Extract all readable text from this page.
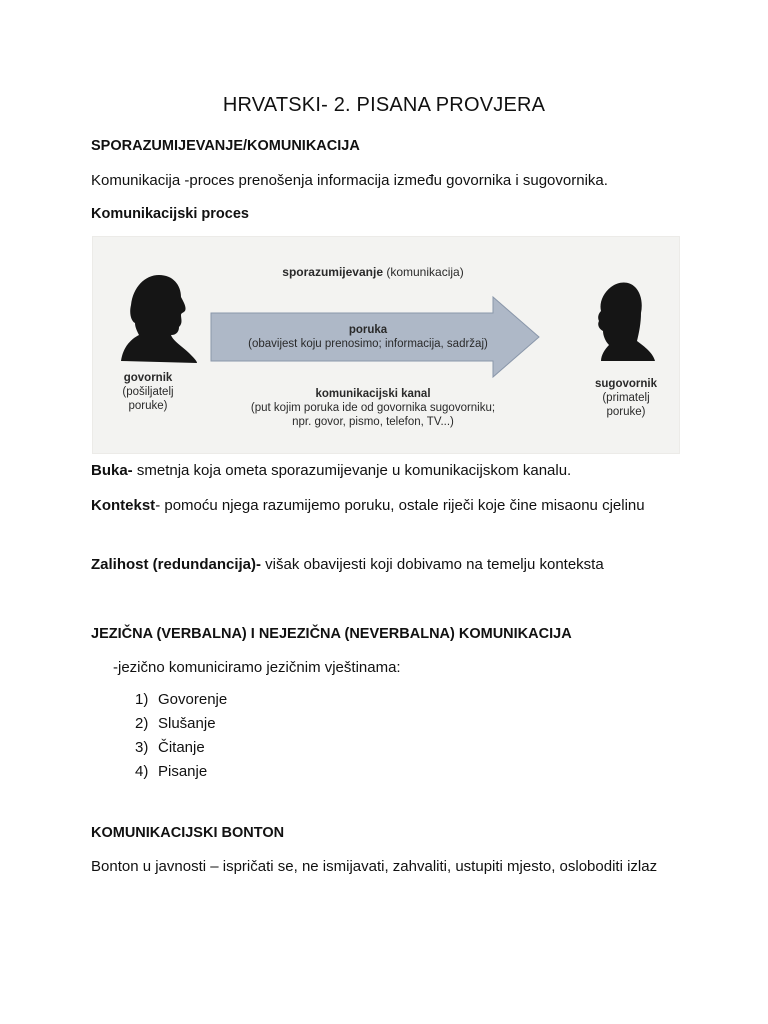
HRVATSKI- 2. PISANA PROVJERA
SPORAZUMIJEVANJE/KOMUNIKACIJA
Komunikacija -proces prenošenja informacija između govornika i sugovornika.
Komunikacijski proces
sporazumijevanje (komunikacija)
poruka
(obavijest koju prenosimo; informacija, sadržaj)
govornik
(pošiljatelj
poruke)
sugovornik
(primatelj
poruke)
komunikacijski kanal
(put kojim poruka ide od govornika sugovorniku;
npr. govor, pismo, telefon, TV...)
Buka- smetnja koja ometa sporazumijevanje u komunikacijskom kanalu.
Kontekst- pomoću njega razumijemo poruku, ostale riječi koje čine misaonu cjelinu
Zalihost (redundancija)- višak obavijesti koji dobivamo na temelju konteksta
JEZIČNA (VERBALNA) I NEJEZIČNA (NEVERBALNA) KOMUNIKACIJA
-jezično komuniciramo jezičnim vještinama:
1) Govorenje
2) Slušanje
3) Čitanje
4) Pisanje
KOMUNIKACIJSKI BONTON
Bonton u javnosti – ispričati se, ne ismijavati, zahvaliti, ustupiti mjesto, osloboditi izlaz
